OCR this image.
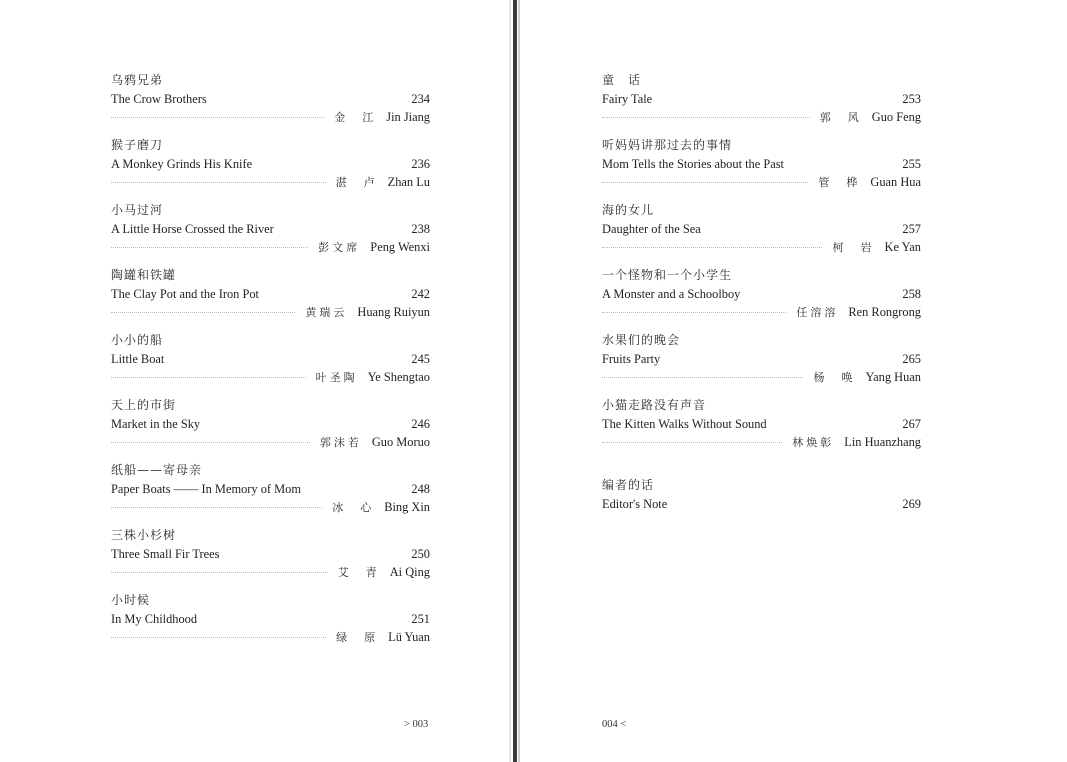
乌鸦兄弟
The Crow Brothers	234
金　江 Jin Jiang
猴子磨刀
A Monkey Grinds His Knife	236
湛　卢 Zhan Lu
小马过河
A Little Horse Crossed the River	238
彭文席 Peng Wenxi
陶罐和铁罐
The Clay Pot and the Iron Pot	242
黄瑞云 Huang Ruiyun
小小的船
Little Boat	245
叶圣陶 Ye Shengtao
天上的市街
Market in the Sky	246
郭沫若 Guo Moruo
纸船——寄母亲
Paper Boats —— In Memory of Mom	248
冰　心 Bing Xin
三株小杉树
Three Small Fir Trees	250
艾　青 Ai Qing
小时候
In My Childhood	251
绿　原 Lü Yuan
童　话
Fairy Tale	253
郭　风 Guo Feng
听妈妈讲那过去的事情
Mom Tells the Stories about the Past	255
管　桦 Guan Hua
海的女儿
Daughter of the Sea	257
柯　岩 Ke Yan
一个怪物和一个小学生
A Monster and a Schoolboy	258
任溶溶 Ren Rongrong
水果们的晚会
Fruits Party	265
杨　唤 Yang Huan
小猫走路没有声音
The Kitten Walks Without Sound	267
林焕彰 Lin Huanzhang
编者的话
Editor's Note	269
> 003	004 <
